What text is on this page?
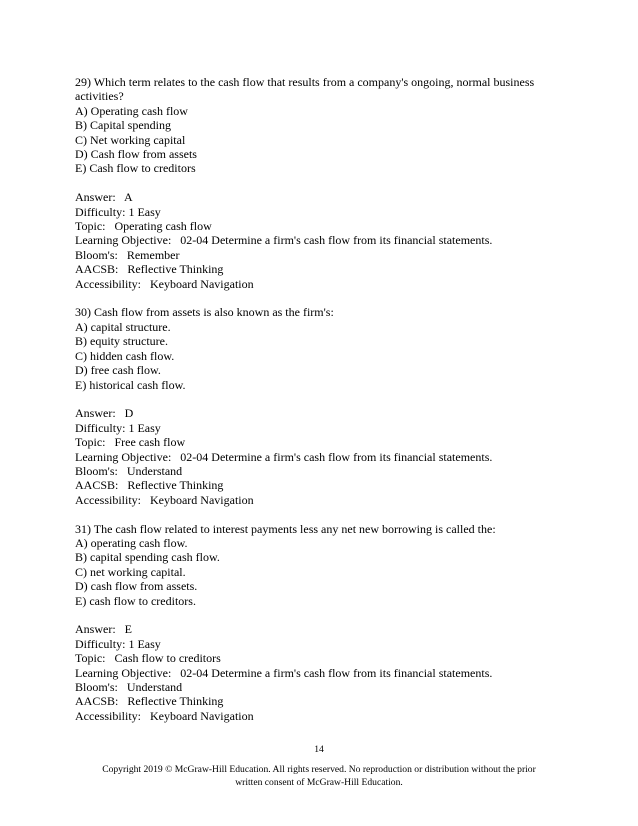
29) Which term relates to the cash flow that results from a company's ongoing, normal business activities?
A) Operating cash flow
B) Capital spending
C) Net working capital
D) Cash flow from assets
E) Cash flow to creditors
Answer:   A
Difficulty: 1 Easy
Topic:   Operating cash flow
Learning Objective:   02-04 Determine a firm's cash flow from its financial statements.
Bloom's:   Remember
AACSB:   Reflective Thinking
Accessibility:   Keyboard Navigation
30) Cash flow from assets is also known as the firm's:
A) capital structure.
B) equity structure.
C) hidden cash flow.
D) free cash flow.
E) historical cash flow.
Answer:   D
Difficulty: 1 Easy
Topic:   Free cash flow
Learning Objective:   02-04 Determine a firm's cash flow from its financial statements.
Bloom's:   Understand
AACSB:   Reflective Thinking
Accessibility:   Keyboard Navigation
31) The cash flow related to interest payments less any net new borrowing is called the:
A) operating cash flow.
B) capital spending cash flow.
C) net working capital.
D) cash flow from assets.
E) cash flow to creditors.
Answer:   E
Difficulty: 1 Easy
Topic:   Cash flow to creditors
Learning Objective:   02-04 Determine a firm's cash flow from its financial statements.
Bloom's:   Understand
AACSB:   Reflective Thinking
Accessibility:   Keyboard Navigation
14
Copyright 2019 © McGraw-Hill Education. All rights reserved. No reproduction or distribution without the prior
written consent of McGraw-Hill Education.
